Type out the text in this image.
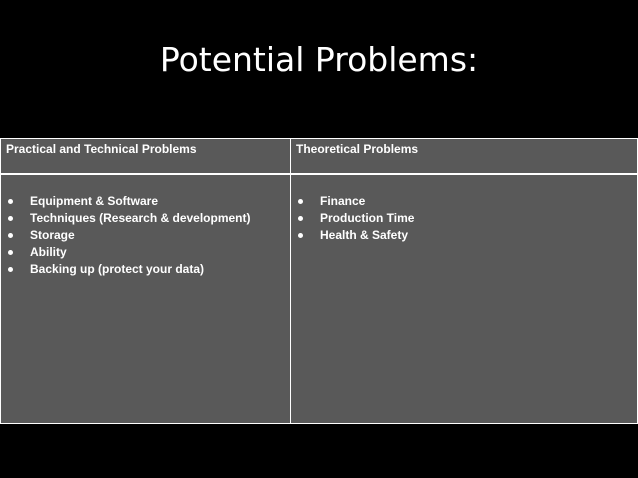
Potential Problems:
Practical and Technical Problems	Theoretical Problems
Equipment & Software
Techniques (Research & development)
Storage
Ability
Backing up (protect your data)
Finance
Production Time
Health & Safety
